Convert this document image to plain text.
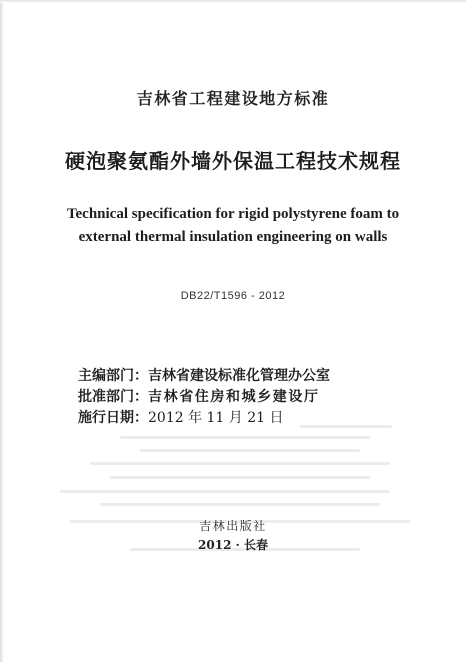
吉林省工程建设地方标准
硬泡聚氨酯外墙外保温工程技术规程
Technical specification for rigid polystyrene foam to
external thermal insulation engineering on walls
DB22/T1596 - 2012
主编部门：吉林省建设标准化管理办公室
批准部门：吉林省住房和城乡建设厅
施行日期：2012 年 11 月 21 日
吉林出版社
2012 · 长春
